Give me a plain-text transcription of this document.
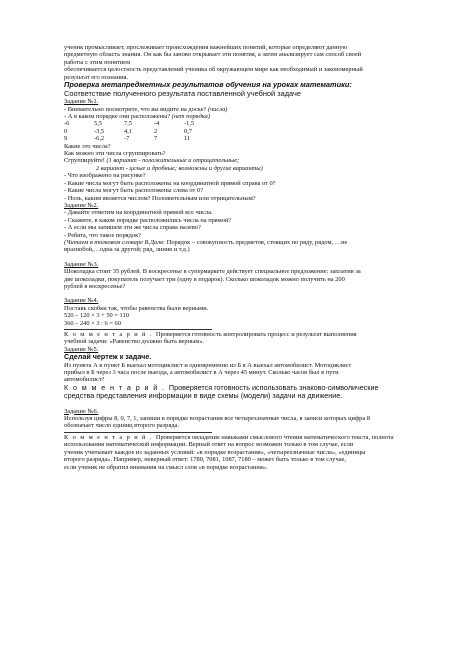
ученик промысливает, прослеживает происхождения важнейших понятий, которые определяют данную
предметную область знания. Он как бы заново открывает эти понятия, а затем анализирует сам способ своей
работы с этим понятием
обеспечивается целостность представлений ученика об окружающем мире как необходимый и закономерный
результат его познания.
Проверка метапредметных результатов обучения на уроках математики:
Соответствие полученного результата поставленной учебной задаче
Задание №1.
- Внимательно посмотрите, что вы видите на доске? (числа)
- А в каком порядке они расположены? (нет порядка)
-6	5,5	7,5	-4	-1,5
0	-3,5	4,1	2	0,7
9	-6,2	-7	7	11
Какие это числа?
Как можно эти числа сгруппировать?
Сгруппируйте! (1 вариант - положительные и отрицательные;
2 вариант - целые и дробные; возможны и другие варианты)
- Что изображено на рисунке?
- Какие числа могут быть расположены на координатной прямой справа от 0?
- Какие числа могут быть расположены слева от 0?
- Ноль, каким является числом? Положительным или отрицательным?
Задание №2.
- Давайте отметим на координатной прямой все числа.
- Скажите, в каком порядке расположились числа на прямой?
- А если мы запишем эти же числа справа налево?
- Ребята, что такое порядок?
(Читаем в толковом словаре В.Даля: Порядок – совокупность предметов, стоящих по ряду, рядом, …не
вразнобой,…одна за другой; ряд, линия и т.д.)
Задание №3.
Шоколадка стоит 35 рублей. В воскресенье в супермаркете действует специальное предложение: заплатив за
две шоколадки, покупатель получает три (одну в подарок). Сколько шоколадок можно получить на 200
рублей в воскресенье?
Задание №4.
Поставь скобки так, чтобы равенства были верными.
520 – 120 × 3 + 50 = 110
360 – 240 × 3 : 6 = 60
К о м м е н т а р и й . Проверяется готовность контролировать процесс и результат выполнения
учебной задачи: «Равенство должно быть верным».
Задание №5.
Сделай чертеж к задаче.
Из пункта А в пункт Б выехал мотоциклист и одновременно из Б в А выехал автомобилист. Мотоциклист
прибыл в Б через 3 часа после выезда, а автомобилист в А через 45 минут. Сколько часов был в пути
автомобилист?
К о м м е н т а р и й . Проверяется готовность использовать знаково-символические
средства представления информации в виде схемы (модели) задачи на движение.
Задание №6.
Используя цифры 8, 0, 7, 1, запиши в порядке возрастания все четырехзначные числа, в записи которых цифра 8
обозначает число единиц второго разряда.
К о м м е н т а р и й . Проверяется овладение навыками смыслового чтения математического текста, полнота
использования математической информации. Верный ответ на вопрос возможен только в том случае, если
ученик учитывает каждое из заданных условий: «в порядке возрастания», «четырехзначные числа», «единицы
второго разряда». Например, неверный ответ: 1780, 7081, 1087, 7180 – может быть только в том случае,
если ученик не обратил внимания на смысл слов «в порядке возрастания».
